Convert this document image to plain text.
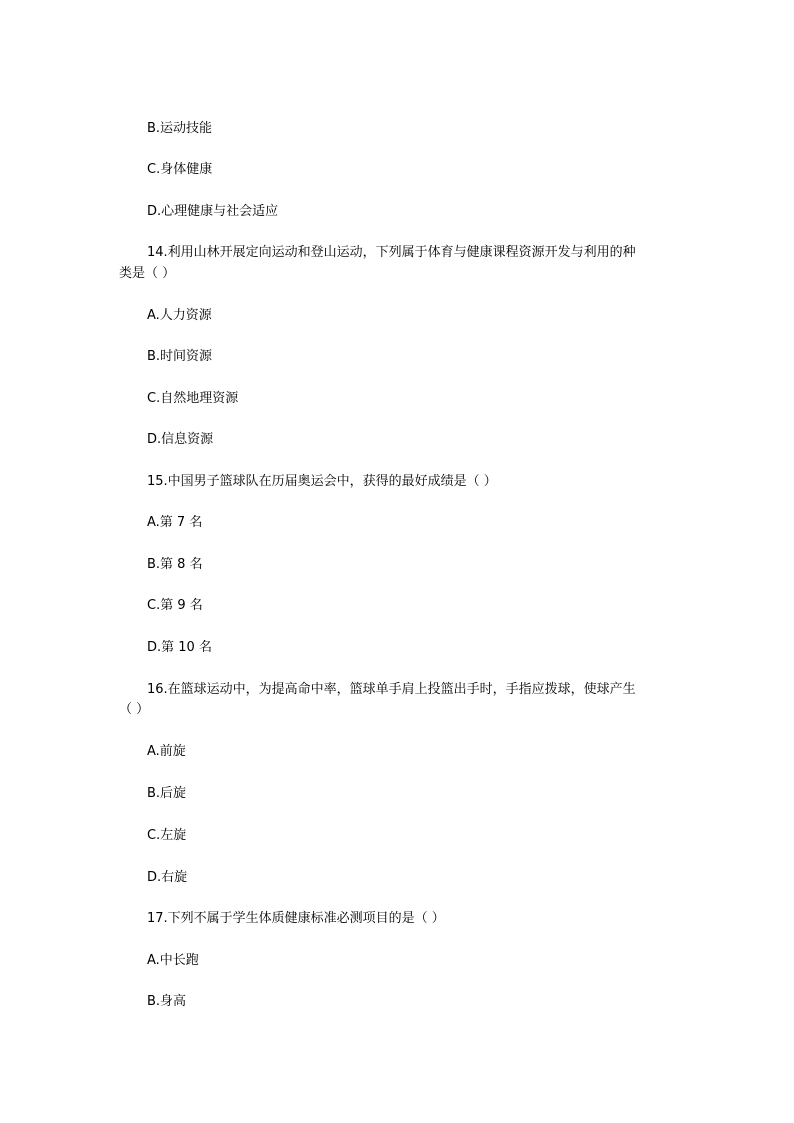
B.运动技能
C.身体健康
D.心理健康与社会适应
14.利用山林开展定向运动和登山运动，下列属于体育与健康课程资源开发与利用的种
类是（ ）
A.人力资源
B.时间资源
C.自然地理资源
D.信息资源
15.中国男子篮球队在历届奥运会中，获得的最好成绩是（ ）
A.第 7 名
B.第 8 名
C.第 9 名
D.第 10 名
16.在篮球运动中，为提高命中率，篮球单手肩上投篮出手时，手指应拨球，使球产生
（ ）
A.前旋
B.后旋
C.左旋
D.右旋
17.下列不属于学生体质健康标准必测项目的是（ ）
A.中长跑
B.身高
